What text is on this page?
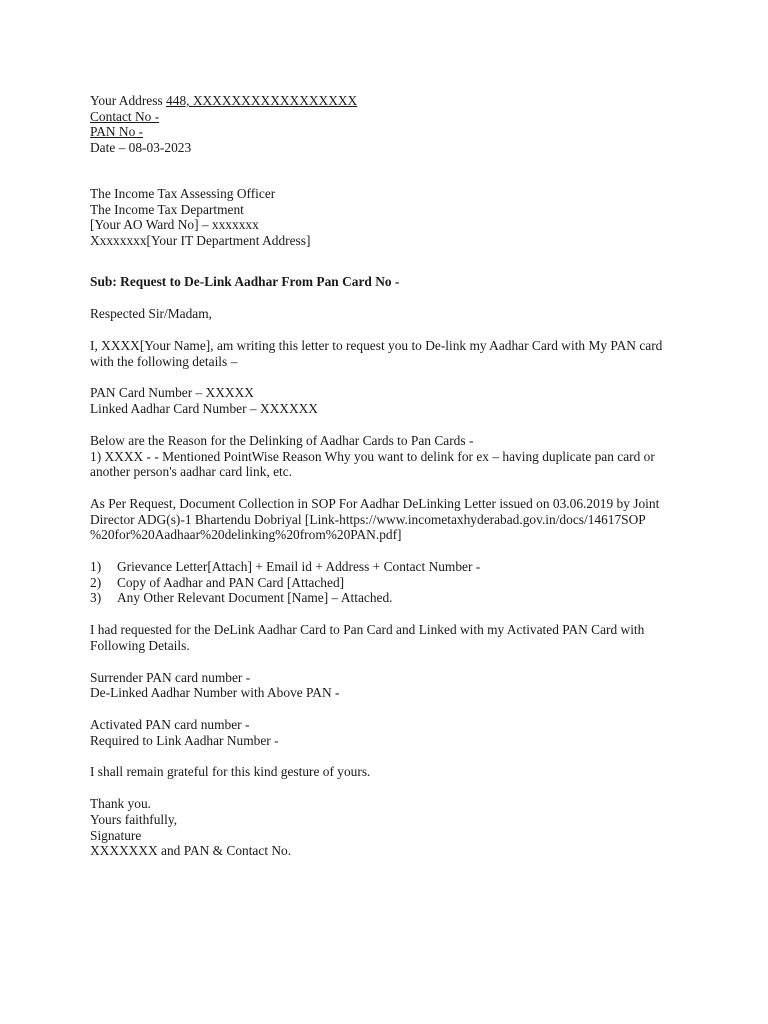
Your Address 448, XXXXXXXXXXXXXXXXX
Contact No -
PAN No -
Date – 08-03-2023
The Income Tax Assessing Officer
The Income Tax Department
[Your AO Ward No] – xxxxxxx
Xxxxxxxx[Your IT Department Address]
Sub: Request to De-Link Aadhar From Pan Card No -
Respected Sir/Madam,
I, XXXX[Your Name], am writing this letter to request you to De-link my Aadhar Card with My PAN card
with the following details –
PAN Card Number – XXXXX
Linked Aadhar Card Number – XXXXXX
Below are the Reason for the Delinking of Aadhar Cards to Pan Cards -
1) XXXX - - Mentioned PointWise Reason Why you want to delink for ex – having duplicate pan card or
another person's aadhar card link, etc.
As Per Request, Document Collection in SOP For Aadhar DeLinking Letter issued on 03.06.2019 by Joint
Director ADG(s)-1 Bhartendu Dobriyal [Link-https://www.incometaxhyderabad.gov.in/docs/14617SOP
%20for%20Aadhaar%20delinking%20from%20PAN.pdf]
1) Grievance Letter[Attach] + Email id + Address + Contact Number -
2) Copy of Aadhar and PAN Card [Attached]
3) Any Other Relevant Document [Name] – Attached.
I had requested for the DeLink Aadhar Card to Pan Card and Linked with my Activated PAN Card with
Following Details.
Surrender PAN card number -
De-Linked Aadhar Number with Above PAN -
Activated PAN card number -
Required to Link Aadhar Number -
I shall remain grateful for this kind gesture of yours.
Thank you.
Yours faithfully,
Signature
XXXXXXX and PAN & Contact No.
